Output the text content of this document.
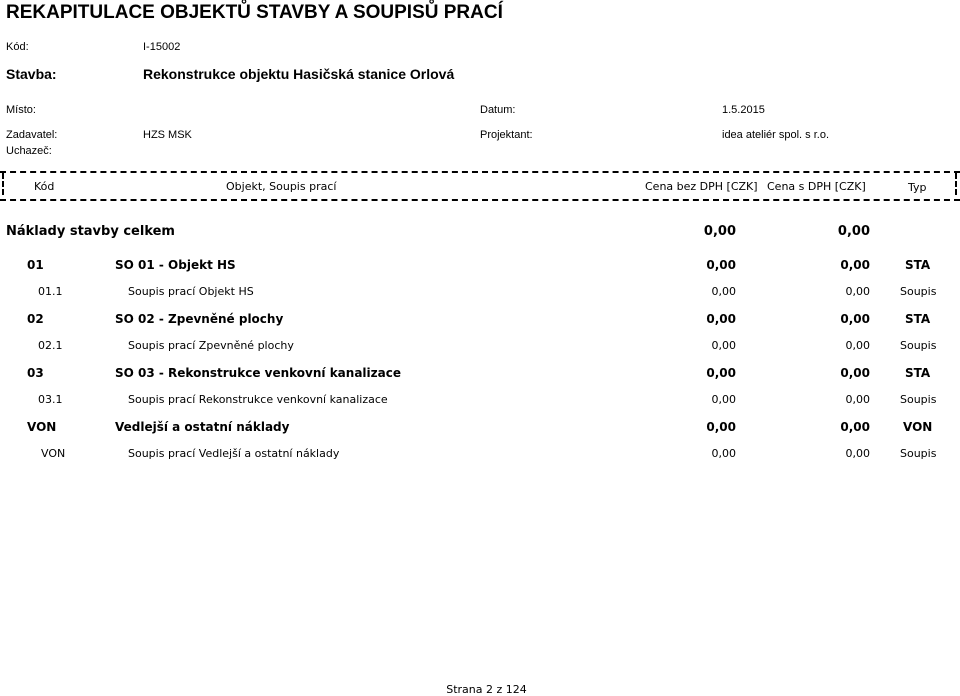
REKAPITULACE OBJEKTŮ STAVBY A SOUPISŮ PRACÍ
Kód:	I-15002
Stavba:	Rekonstrukce objektu Hasičská stanice Orlová
Místo:	Datum:	1.5.2015
Zadavatel:	HZS MSK	Projektant:	idea ateliér spol. s r.o.
Uchazeč:
Kód	Objekt, Soupis prací	Cena bez DPH [CZK] Cena s DPH [CZK]	Typ
Náklady stavby celkem	0,00	0,00
01	SO 01 - Objekt HS	0,00	0,00	STA
01.1	Soupis prací Objekt HS	0,00	0,00	Soupis
02	SO 02 - Zpevněné plochy	0,00	0,00	STA
02.1	Soupis prací Zpevněné plochy	0,00	0,00	Soupis
03	SO 03 - Rekonstrukce venkovní kanalizace	0,00	0,00	STA
03.1	Soupis prací Rekonstrukce venkovní kanalizace	0,00	0,00	Soupis
VON	Vedlejší a ostatní náklady	0,00	0,00	VON
VON	Soupis prací Vedlejší a ostatní náklady	0,00	0,00	Soupis
Strana 2 z 124
